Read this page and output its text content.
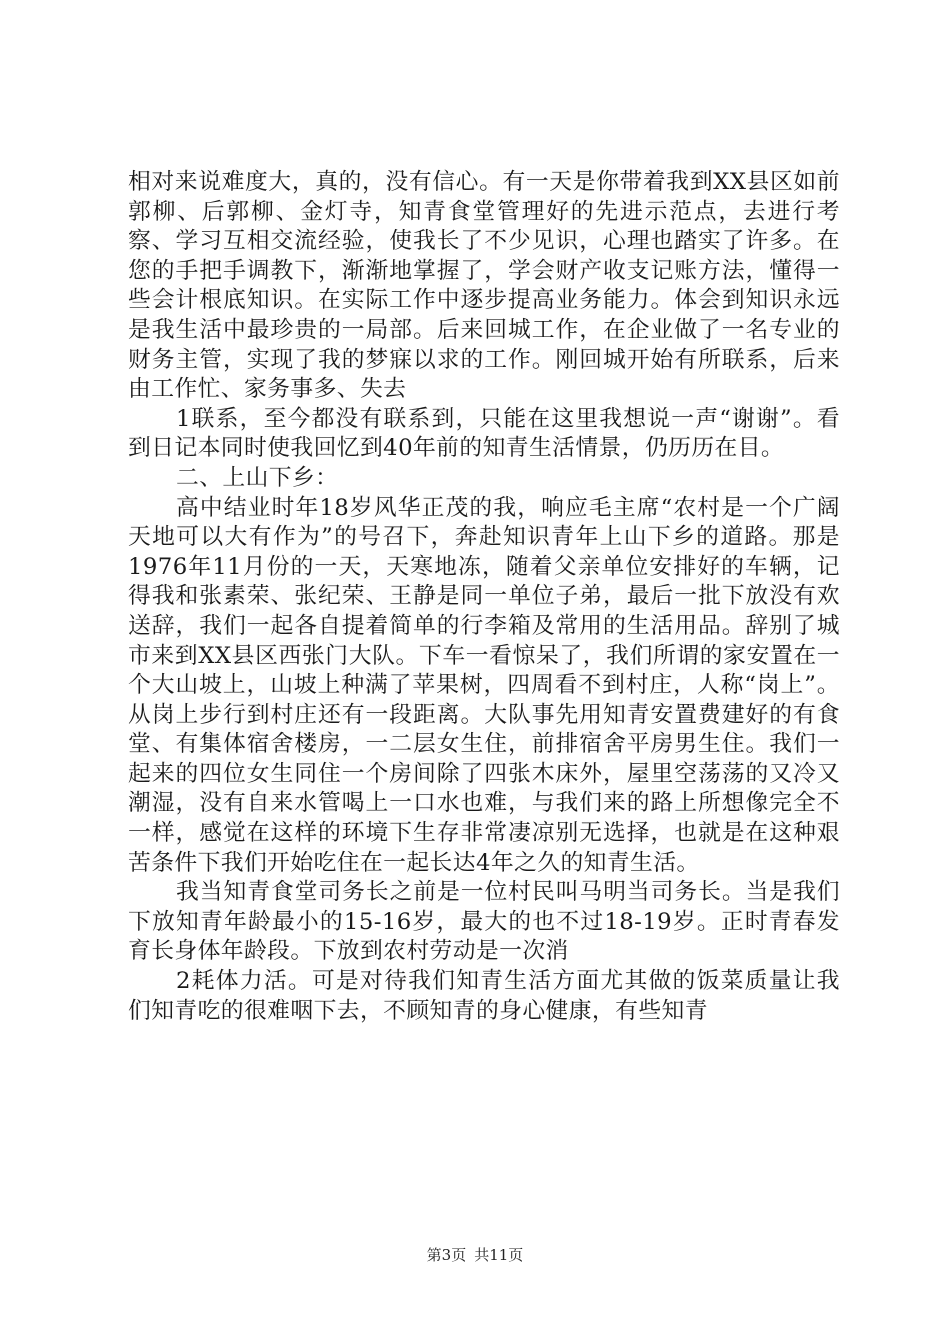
相对来说难度大，真的，没有信心。有一天是你带着我到XX县区如前郭柳、后郭柳、金灯寺，知青食堂管理好的先进示范点，去进行考察、学习互相交流经验，使我长了不少见识，心理也踏实了许多。在您的手把手调教下，渐渐地掌握了，学会财产收支记账方法，懂得一些会计根底知识。在实际工作中逐步提高业务能力。体会到知识永远是我生活中最珍贵的一局部。后来回城工作，在企业做了一名专业的财务主管，实现了我的梦寐以求的工作。刚回城开始有所联系，后来由工作忙、家务事多、失去

1联系，至今都没有联系到，只能在这里我想说一声“谢谢”。看到日记本同时使我回忆到40年前的知青生活情景，仍历历在目。

二、上山下乡：

高中结业时年18岁风华正茂的我，响应毛主席“农村是一个广阔天地可以大有作为”的号召下，奔赴知识青年上山下乡的道路。那是1976年11月份的一天，天寒地冻，随着父亲单位安排好的车辆，记得我和张素荣、张纪荣、王静是同一单位子弟，最后一批下放没有欢送辞，我们一起各自提着简单的行李箱及常用的生活用品。辞别了城市来到XX县区西张门大队。下车一看惊呆了，我们所谓的家安置在一个大山坡上，山坡上种满了苹果树，四周看不到村庄，人称“岗上”。从岗上步行到村庄还有一段距离。大队事先用知青安置费建好的有食堂、有集体宿舍楼房，一二层女生住，前排宿舍平房男生住。我们一起来的四位女生同住一个房间除了四张木床外，屋里空荡荡的又冷又潮湿，没有自来水管喝上一口水也难，与我们来的路上所想像完全不一样，感觉在这样的环境下生存非常凄凉别无选择，也就是在这种艰苦条件下我们开始吃住在一起长达4年之久的知青生活。

我当知青食堂司务长之前是一位村民叫马明当司务长。当是我们下放知青年龄最小的15-16岁，最大的也不过18-19岁。正时青春发育长身体年龄段。下放到农村劳动是一次消

2耗体力活。可是对待我们知青生活方面尤其做的饭菜质量让我们知青吃的很难咽下去，不顾知青的身心健康，有些知青

第3页 共11页
